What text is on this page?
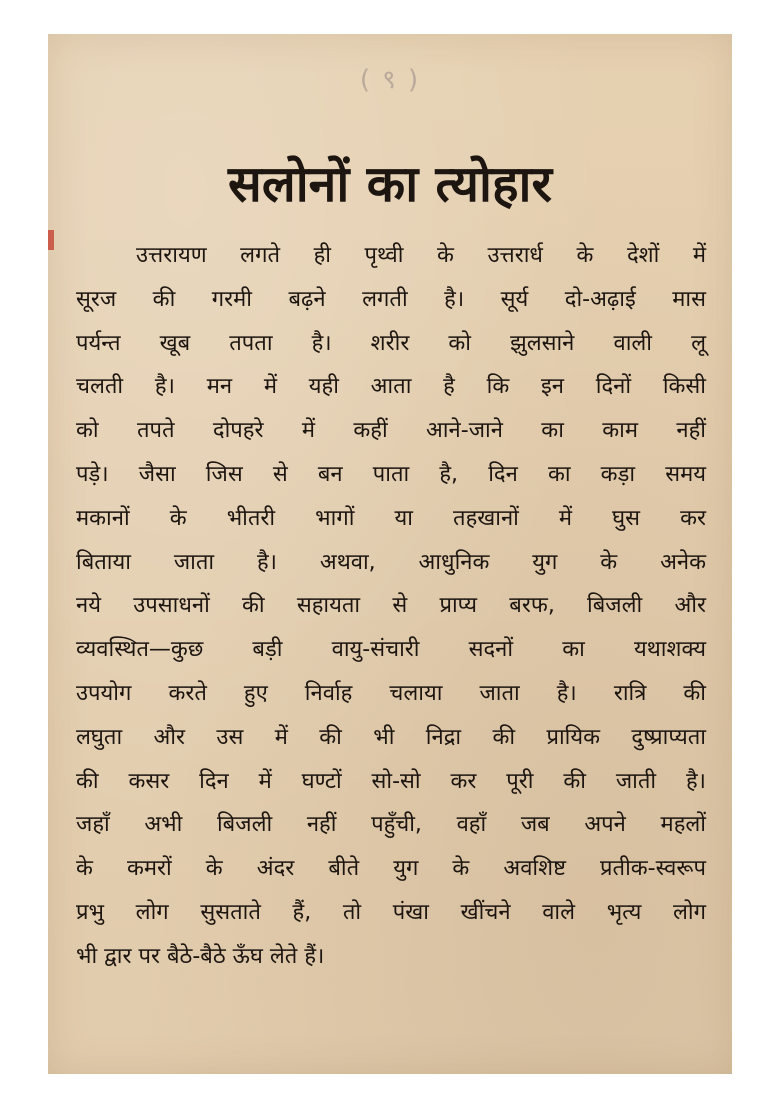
( ९ )
सलोनों का त्योहार

उत्तरायण लगते ही पृथ्वी के उत्तरार्ध के देशों में
सूरज की गरमी बढ़ने लगती है। सूर्य दो-अढ़ाई मास
पर्यन्त खूब तपता है। शरीर को झुलसाने वाली लू
चलती है। मन में यही आता है कि इन दिनों किसी
को तपते दोपहरे में कहीं आने-जाने का काम नहीं
पड़े। जैसा जिस से बन पाता है, दिन का कड़ा समय
मकानों के भीतरी भागों या तहखानों में घुस कर
बिताया जाता है। अथवा, आधुनिक युग के अनेक
नये उपसाधनों की सहायता से प्राप्य बरफ, बिजली और
व्यवस्थित—कुछ बड़ी वायु-संचारी सदनों का यथाशक्य
उपयोग करते हुए निर्वाह चलाया जाता है। रात्रि की
लघुता और उस में की भी निद्रा की प्रायिक दुष्प्राप्यता
की कसर दिन में घण्टों सो-सो कर पूरी की जाती है।
जहाँ अभी बिजली नहीं पहुँची, वहाँ जब अपने महलों
के कमरों के अंदर बीते युग के अवशिष्ट प्रतीक-स्वरूप
प्रभु लोग सुसताते हैं, तो पंखा खींचने वाले भृत्य लोग
भी द्वार पर बैठे-बैठे ऊँघ लेते हैं।
